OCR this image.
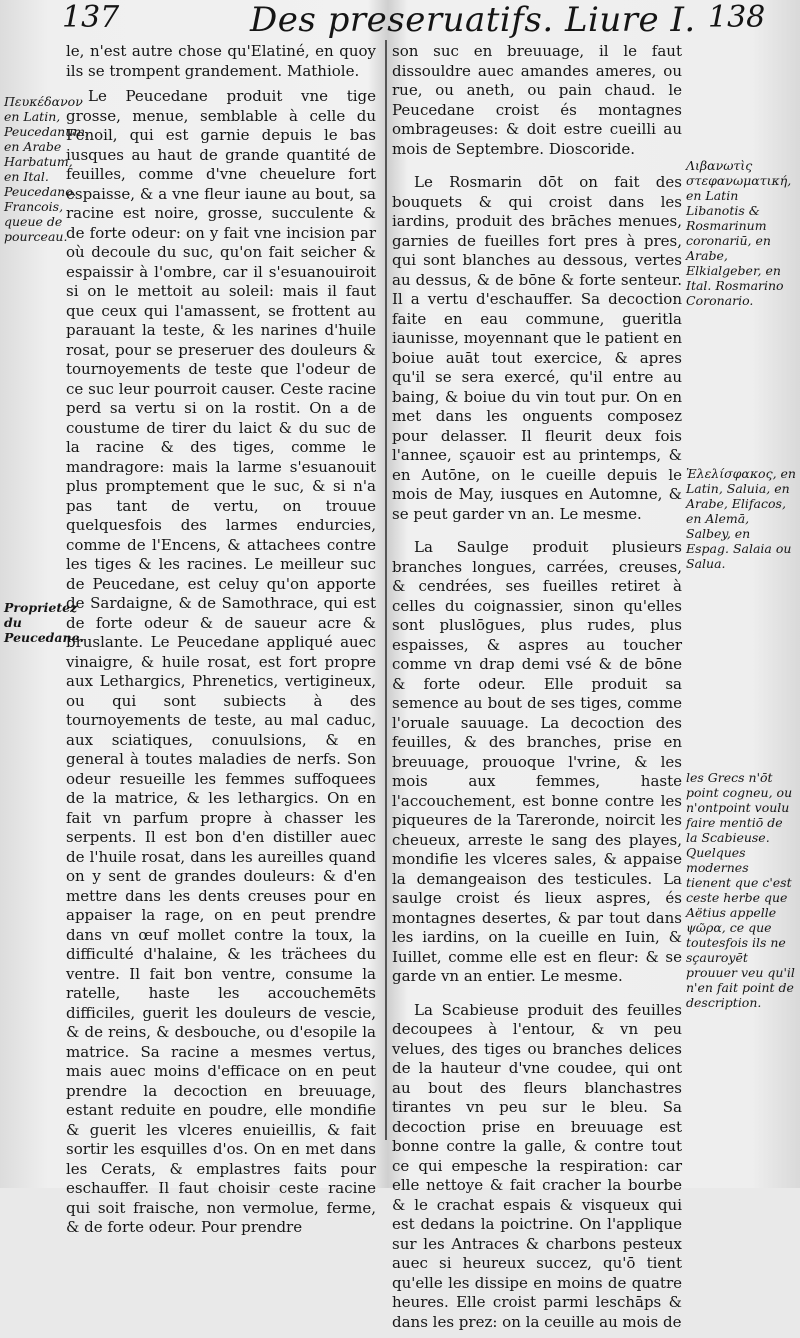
137	Des preseruatifs. Liure I. 138
Πευκέδανον en Latin, Peucedanum, en Arabe Harbatum, en Ital. Peucedano. Francois, queue de pourceau.
Proprietez du Peucedane.

le, n'est autre chose qu'Elatiné, en quoy ils se trompent grandement. Mathiole.

Le Peucedane produit vne tige grosse, menue, semblable à celle du Fenoil, qui est garnie depuis le bas iusques au haut de grande quantité de feuilles, comme d'vne cheuelure fort espaisse, & a vne fleur iaune au bout, sa racine est noire, grosse, succulente & de forte odeur: on y fait vne incision par où decoule du suc, qu'on fait seicher & espaissir à l'ombre, car il s'esuanouiroit si on le mettoit au soleil: mais il faut que ceux qui l'amassent, se frottent au parauant la teste, & les narines d'huile rosat, pour se preseruer des douleurs & tournoyements de teste que l'odeur de ce suc leur pourroit causer. Ceste racine perd sa vertu si on la rostit. On a de coustume de tirer du laict & du suc de la racine & des tiges, comme le mandragore: mais la larme s'esuanouit plus promptement que le suc, & si n'a pas tant de vertu, on trouue quelquesfois des larmes endurcies, comme de l'Encens, & attachees contre les tiges & les racines. Le meilleur suc de Peucedane, est celuy qu'on apporte de Sardaigne, & de Samothrace, qui est de forte odeur & de saueur acre & bruslante. Le Peucedane appliqué auec vinaigre, & huile rosat, est fort propre aux Lethargics, Phrenetics, vertigineux, ou qui sont subiects à des tournoyements de teste, au mal caduc, aux sciatiques, conuulsions, & en general à toutes maladies de nerfs. Son odeur resueille les femmes suffoquees de la matrice, & les lethargics. On en fait vn parfum propre à chasser les serpents. Il est bon d'en distiller auec de l'huile rosat, dans les aureilles quand on y sent de grandes douleurs: & d'en mettre dans les dents creuses pour en appaiser la rage, on en peut prendre dans vn œuf mollet contre la toux, la difficulté d'halaine, & les trächees du ventre. Il fait bon ventre, consume la ratelle, haste les accouchemēts difficiles, guerit les douleurs de vescie, & de reins, & desbouche, ou d'esopile la matrice. Sa racine a mesmes vertus, mais auec moins d'efficace on en peut prendre la decoction en breuuage, estant reduite en poudre, elle mondifie & guerit les vlceres enuieillis, & fait sortir les esquilles d'os. On en met dans les Cerats, & emplastres faits pour eschauffer. Il faut choisir ceste racine qui soit fraische, non vermolue, ferme, & de forte odeur. Pour prendre

son suc en breuuage, il le faut dissouldre auec amandes ameres, ou rue, ou aneth, ou pain chaud. le Peucedane croist és montagnes ombrageuses: & doit estre cueilli au mois de Septembre. Dioscoride.

Le Rosmarin dōt on fait des bouquets & qui croist dans les iardins, produit des brāches menues, garnies de fueilles fort pres à pres, qui sont blanches au dessous, vertes au dessus, & de bōne & forte senteur. Il a vertu d'eschauffer. Sa decoction faite en eau commune, gueritla iaunisse, moyennant que le patient en boiue auāt tout exercice, & apres qu'il se sera exercé, qu'il entre au baing, & boiue du vin tout pur. On en met dans les onguents composez pour delasser. Il fleurit deux fois l'annee, sçauoir est au printemps, & en Autōne, on le cueille depuis le mois de May, iusques en Automne, & se peut garder vn an. Le mesme.

La Saulge produit plusieurs branches longues, carrées, creuses, & cendrées, ses fueilles retiret à celles du coignassier, sinon qu'elles sont pluslōgues, plus rudes, plus espaisses, & aspres au toucher comme vn drap demi vsé & de bōne & forte odeur. Elle produit sa semence au bout de ses tiges, comme l'oruale sauuage. La decoction des feuilles, & des branches, prise en breuuage, prouoque l'vrine, & les mois aux femmes, haste l'accouchement, est bonne contre les piqueures de la Tareronde, noircit les cheueux, arreste le sang des playes, mondifie les vlceres sales, & appaise la demangeaison des testicules. La saulge croist és lieux aspres, és montagnes desertes, & par tout dans les iardins, on la cueille en Iuin, & Iuillet, comme elle est en fleur: & se garde vn an entier. Le mesme.

La Scabieuse produit des feuilles decoupees à l'entour, & vn peu velues, des tiges ou branches delices de la hauteur d'vne coudee, qui ont au bout des fleurs blanchastres tirantes vn peu sur le bleu. Sa decoction prise en breuuage est bonne contre la galle, & contre tout ce qui empesche la respiration: car elle nettoye & fait cracher la bourbe & le crachat espais & visqueux qui est dedans la poictrine. On l'applique sur les Antraces & charbons pesteux auec si heureux succez, qu'ō tient qu'elle les dissipe en moins de quatre heures. Elle croist parmi leschāps & dans les prez: on la ceuille au mois de

Λιβανωτὶς στεφανωματική, en Latin Libanotis & Rosmarinum coronariū, en Arabe, Elkialgeber, en Ital. Rosmarino Coronario.
Ἐλελίσφακος, en Latin, Saluia, en Arabe, Elifacos, en Alemā, Salbey, en Espag. Salaia ou Salua.
les Grecs n'ōt point cogneu, ou n'ontpoint voulu faire mentiō de la Scabieuse. Quelques modernes tienent que c'est ceste herbe que Aëtius appelle ψῶρα, ce que toutesfois ils ne sçauroyēt prouuer veu qu'il n'en fait point de description.
